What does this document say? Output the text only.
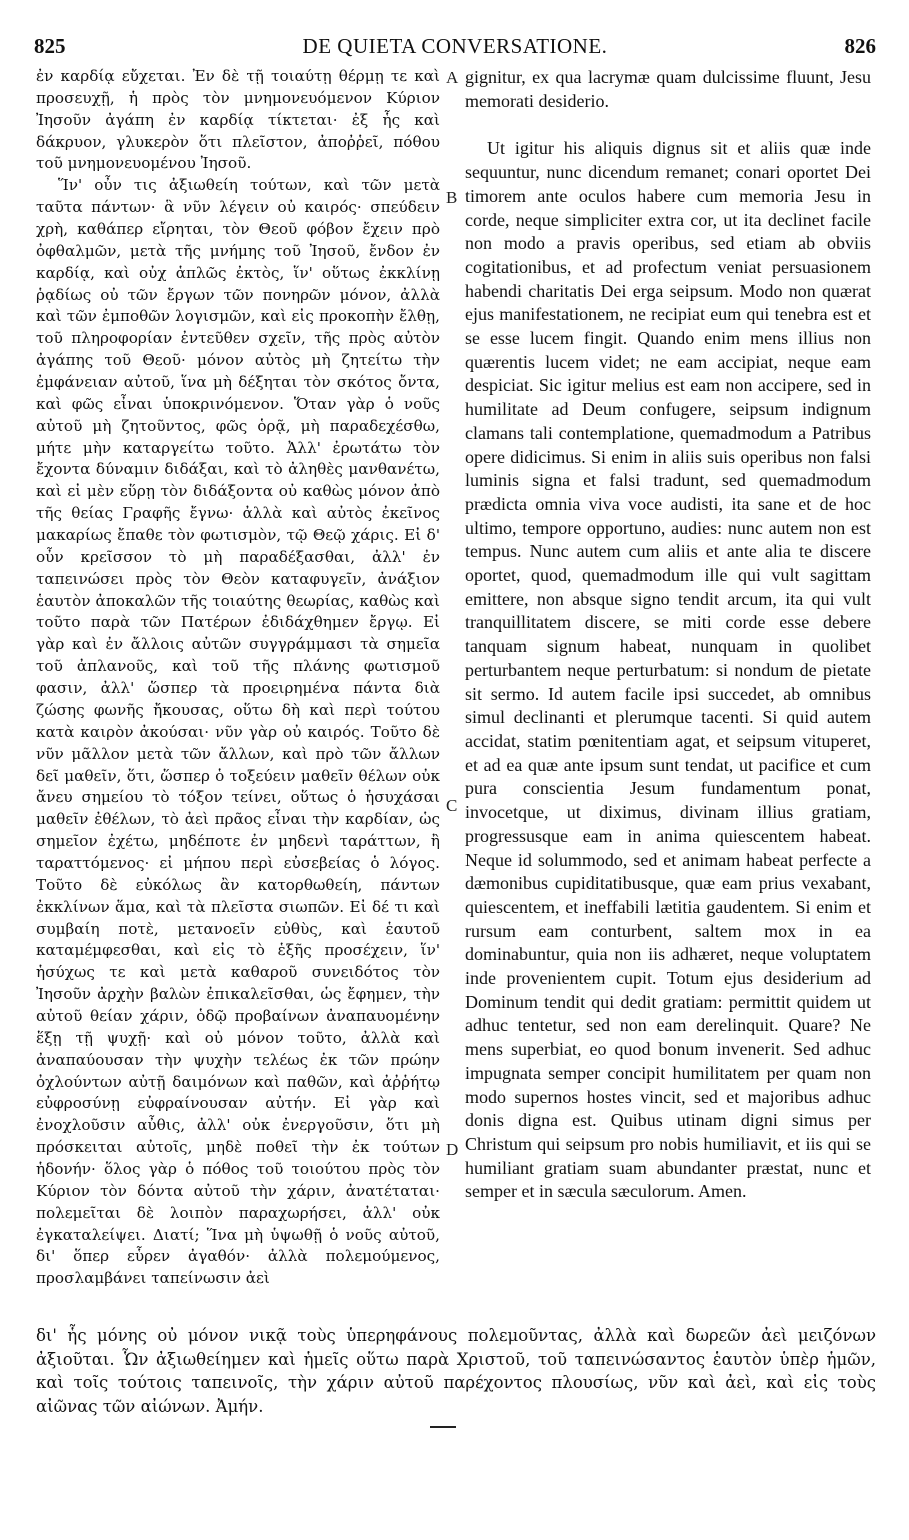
825	DE QUIETA CONVERSATIONE.	826

ἐν καρδίᾳ εὔχεται. Ἐν δὲ τῇ τοιαύτῃ θέρμῃ τε καὶ προσευχῇ, ἡ πρὸς τὸν μνημονευόμενον Κύριον Ἰησοῦν ἀγάπη ἐν καρδίᾳ τίκτεται· ἐξ ἧς καὶ δάκρυον, γλυκερὸν ὅτι πλεῖστον, ἀποῤῥεῖ, πόθου τοῦ μνημονευομένου Ἰησοῦ.

Ἵν' οὖν τις ἀξιωθείη τούτων, καὶ τῶν μετὰ ταῦτα πάντων· ἃ νῦν λέγειν οὐ καιρός· σπεύδειν χρὴ, καθάπερ εἴρηται, τὸν Θεοῦ φόβον ἔχειν πρὸ ὀφθαλμῶν, μετὰ τῆς μνήμης τοῦ Ἰησοῦ, ἔνδον ἐν καρδίᾳ, καὶ οὐχ ἁπλῶς ἐκτὸς, ἵν' οὕτως ἐκκλίνῃ ῥᾳδίως οὐ τῶν ἔργων τῶν πονηρῶν μόνον, ἀλλὰ καὶ τῶν ἐμποθῶν λογισμῶν, καὶ εἰς προκοπὴν ἔλθῃ, τοῦ πληροφορίαν ἐντεῦθεν σχεῖν, τῆς πρὸς αὐτὸν ἀγάπης τοῦ Θεοῦ· μόνον αὐτὸς μὴ ζητείτω τὴν ἐμφάνειαν αὐτοῦ, ἵνα μὴ δέξηται τὸν σκότος ὄντα, καὶ φῶς εἶναι ὑποκρινόμενον. Ὅταν γὰρ ὁ νοῦς αὐτοῦ μὴ ζητοῦντος, φῶς ὁρᾷ, μὴ παραδεχέσθω, μήτε μὴν καταργείτω τοῦτο. Ἀλλ' ἐρωτάτω τὸν ἔχοντα δύναμιν διδάξαι, καὶ τὸ ἀληθὲς μανθανέτω, καὶ εἰ μὲν εὕρῃ τὸν διδάξοντα οὐ καθὼς μόνον ἀπὸ τῆς θείας Γραφῆς ἔγνω· ἀλλὰ καὶ αὐτὸς ἐκεῖνος μακαρίως ἔπαθε τὸν φωτισμὸν, τῷ Θεῷ χάρις. Εἰ δ' οὖν κρεῖσσον τὸ μὴ παραδέξασθαι, ἀλλ' ἐν ταπεινώσει πρὸς τὸν Θεὸν καταφυγεῖν, ἀνάξιον ἑαυτὸν ἀποκαλῶν τῆς τοιαύτης θεωρίας, καθὼς καὶ τοῦτο παρὰ τῶν Πατέρων ἐδιδάχθημεν ἔργῳ. Εἰ γὰρ καὶ ἐν ἄλλοις αὐτῶν συγγράμμασι τὰ σημεῖα τοῦ ἀπλανοῦς, καὶ τοῦ τῆς πλάνης φωτισμοῦ φασιν, ἀλλ' ὥσπερ τὰ προειρημένα πάντα διὰ ζώσης φωνῆς ἤκουσας, οὕτω δὴ καὶ περὶ τούτου κατὰ καιρὸν ἀκούσαι· νῦν γὰρ οὐ καιρός. Τοῦτο δὲ νῦν μᾶλλον μετὰ τῶν ἄλλων, καὶ πρὸ τῶν ἄλλων δεῖ μαθεῖν, ὅτι, ὥσπερ ὁ τοξεύειν μαθεῖν θέλων οὐκ ἄνευ σημείου τὸ τόξον τείνει, οὕτως ὁ ἡσυχάσαι μαθεῖν ἐθέλων, τὸ ἀεὶ πρᾶος εἶναι τὴν καρδίαν, ὡς σημεῖον ἐχέτω, μηδέποτε ἐν μηδενὶ ταράττων, ἢ ταραττόμενος· εἰ μήπου περὶ εὐσεβείας ὁ λόγος. Τοῦτο δὲ εὐκόλως ἂν κατορθωθείη, πάντων ἐκκλίνων ἅμα, καὶ τὰ πλεῖστα σιωπῶν. Εἰ δέ τι καὶ συμβαίη ποτὲ, μετανοεῖν εὐθὺς, καὶ ἑαυτοῦ καταμέμφεσθαι, καὶ εἰς τὸ ἑξῆς προσέχειν, ἵν' ἡσύχως τε καὶ μετὰ καθαροῦ συνειδότος τὸν Ἰησοῦν ἀρχὴν βαλὼν ἐπικαλεῖσθαι, ὡς ἔφημεν, τὴν αὐτοῦ θείαν χάριν, ὁδῷ προβαίνων ἀναπαυομένην ἕξῃ τῇ ψυχῇ· καὶ οὐ μόνον τοῦτο, ἀλλὰ καὶ ἀναπαύουσαν τὴν ψυχὴν τελέως ἐκ τῶν πρώην ὀχλούντων αὐτῇ δαιμόνων καὶ παθῶν, καὶ ἀῤῥήτῳ εὐφροσύνῃ εὐφραίνουσαν αὐτήν. Εἰ γὰρ καὶ ἐνοχλοῦσιν αὖθις, ἀλλ' οὐκ ἐνεργοῦσιν, ὅτι μὴ πρόσκειται αὐτοῖς, μηδὲ ποθεῖ τὴν ἐκ τούτων ἡδονήν· ὅλος γὰρ ὁ πόθος τοῦ τοιούτου πρὸς τὸν Κύριον τὸν δόντα αὐτοῦ τὴν χάριν, ἀνατέταται· πολεμεῖται δὲ λοιπὸν παραχωρήσει, ἀλλ' οὐκ ἐγκαταλείψει. Διατί; Ἵνα μὴ ὑψωθῇ ὁ νοῦς αὐτοῦ, δι' ὅπερ εὗρεν ἀγαθόν· ἀλλὰ πολεμούμενος, προσλαμβάνει ταπείνωσιν ἀεὶ

A
B
C
D

gignitur, ex qua lacrymæ quam dulcissime fluunt, Jesu memorati desiderio.

Ut igitur his aliquis dignus sit et aliis quæ inde sequuntur, nunc dicendum remanet; conari oportet Dei timorem ante oculos habere cum memoria Jesu in corde, neque simpliciter extra cor, ut ita declinet facile non modo a pravis operibus, sed etiam ab obviis cogitationibus, et ad profectum veniat persuasionem habendi charitatis Dei erga seipsum. Modo non quærat ejus manifestationem, ne recipiat eum qui tenebra est et se esse lucem fingit. Quando enim mens illius non quærentis lucem videt; ne eam accipiat, neque eam despiciat. Sic igitur melius est eam non accipere, sed in humilitate ad Deum confugere, seipsum indignum clamans tali contemplatione, quemadmodum a Patribus opere didicimus. Si enim in aliis suis operibus non falsi luminis signa et falsi tradunt, sed quemadmodum prædicta omnia viva voce audisti, ita sane et de hoc ultimo, tempore opportuno, audies: nunc autem non est tempus. Nunc autem cum aliis et ante alia te discere oportet, quod, quemadmodum ille qui vult sagittam emittere, non absque signo tendit arcum, ita qui vult tranquillitatem discere, se miti corde esse debere tanquam signum habeat, nunquam in quolibet perturbantem neque perturbatum: si nondum de pietate sit sermo. Id autem facile ipsi succedet, ab omnibus simul declinanti et plerumque tacenti. Si quid autem accidat, statim pœnitentiam agat, et seipsum vituperet, et ad ea quæ ante ipsum sunt tendat, ut pacifice et cum pura conscientia Jesum fundamentum ponat, invocetque, ut diximus, divinam illius gratiam, progressusque eam in anima quiescentem habeat. Neque id solummodo, sed et animam habeat perfecte a dæmonibus cupiditatibusque, quæ eam prius vexabant, quiescentem, et ineffabili lætitia gaudentem. Si enim et rursum eam conturbent, saltem mox in ea dominabuntur, quia non iis adhæret, neque voluptatem inde provenientem cupit. Totum ejus desiderium ad Dominum tendit qui dedit gratiam: permittit quidem ut adhuc tentetur, sed non eam derelinquit. Quare? Ne mens superbiat, eo quod bonum invenerit. Sed adhuc impugnata semper concipit humilitatem per quam non modo supernos hostes vincit, sed et majoribus adhuc donis digna est. Quibus utinam digni simus per Christum qui seipsum pro nobis humiliavit, et iis qui se humiliant gratiam suam abundanter præstat, nunc et semper et in sæcula sæculorum. Amen.

δι' ἧς μόνης οὐ μόνον νικᾷ τοὺς ὑπερηφάνους πολεμοῦντας, ἀλλὰ καὶ δωρεῶν ἀεὶ μειζόνων ἀξιοῦται. Ὧν ἀξιωθείημεν καὶ ἡμεῖς οὕτω παρὰ Χριστοῦ, τοῦ ταπεινώσαντος ἑαυτὸν ὑπὲρ ἡμῶν, καὶ τοῖς τούτοις ταπεινοῖς, τὴν χάριν αὐτοῦ παρέχοντος πλουσίως, νῦν καὶ ἀεὶ, καὶ εἰς τοὺς αἰῶνας τῶν αἰώνων. Ἀμήν.
